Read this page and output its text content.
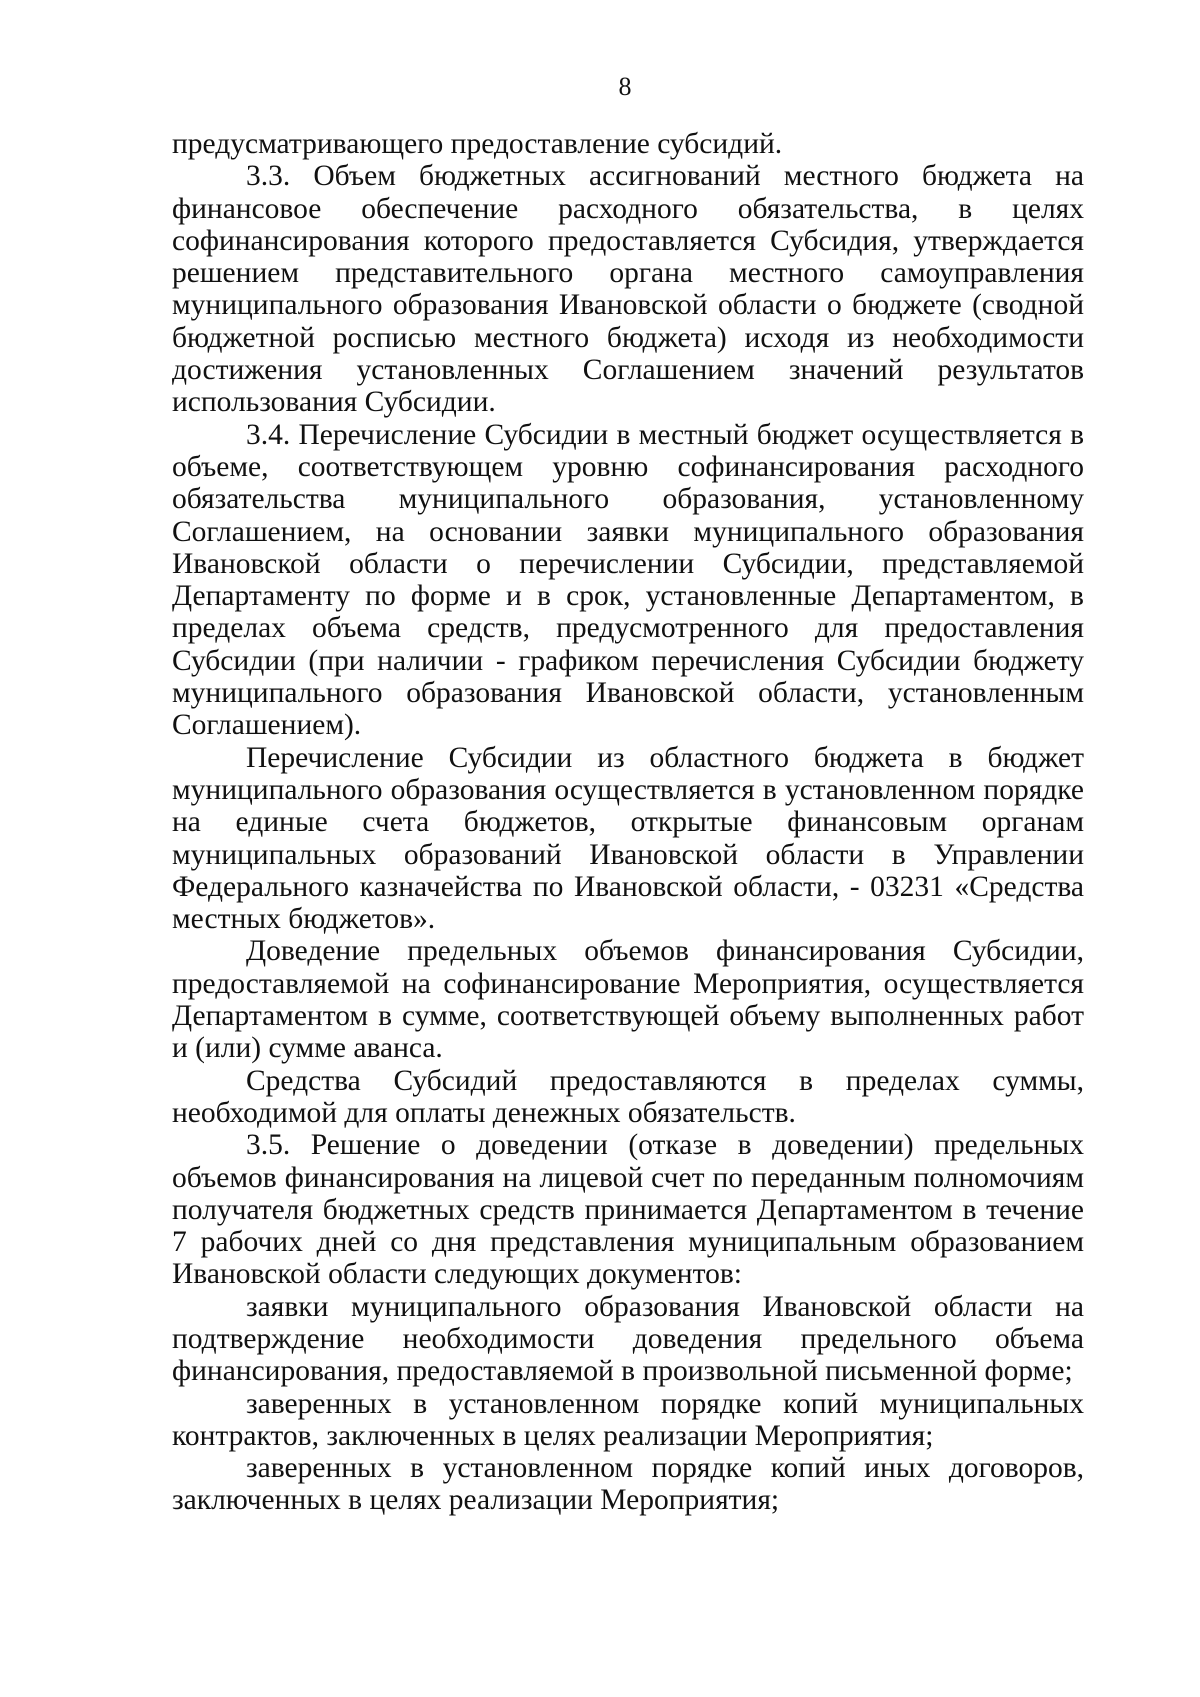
8

предусматривающего предоставление субсидий.

3.3. Объем бюджетных ассигнований местного бюджета на финансовое обеспечение расходного обязательства, в целях софинансирования которого предоставляется Субсидия, утверждается решением представительного органа местного самоуправления муниципального образования Ивановской области о бюджете (сводной бюджетной росписью местного бюджета) исходя из необходимости достижения установленных Соглашением значений результатов использования Субсидии.

3.4. Перечисление Субсидии в местный бюджет осуществляется в объеме, соответствующем уровню софинансирования расходного обязательства муниципального образования, установленному Соглашением, на основании заявки муниципального образования Ивановской области о перечислении Субсидии, представляемой Департаменту по форме и в срок, установленные Департаментом, в пределах объема средств, предусмотренного для предоставления Субсидии (при наличии - графиком перечисления Субсидии бюджету муниципального образования Ивановской области, установленным Соглашением).

Перечисление Субсидии из областного бюджета в бюджет муниципального образования осуществляется в установленном порядке на единые счета бюджетов, открытые финансовым органам муниципальных образований Ивановской области в Управлении Федерального казначейства по Ивановской области, - 03231 «Средства местных бюджетов».

Доведение предельных объемов финансирования Субсидии, предоставляемой на софинансирование Мероприятия, осуществляется Департаментом в сумме, соответствующей объему выполненных работ и (или) сумме аванса.

Средства Субсидий предоставляются в пределах суммы, необходимой для оплаты денежных обязательств.

3.5. Решение о доведении (отказе в доведении) предельных объемов финансирования на лицевой счет по переданным полномочиям получателя бюджетных средств принимается Департаментом в течение 7 рабочих дней со дня представления муниципальным образованием Ивановской области следующих документов:

заявки муниципального образования Ивановской области на подтверждение необходимости доведения предельного объема финансирования, предоставляемой в произвольной письменной форме;

заверенных в установленном порядке копий муниципальных контрактов, заключенных в целях реализации Мероприятия;

заверенных в установленном порядке копий иных договоров, заключенных в целях реализации Мероприятия;
